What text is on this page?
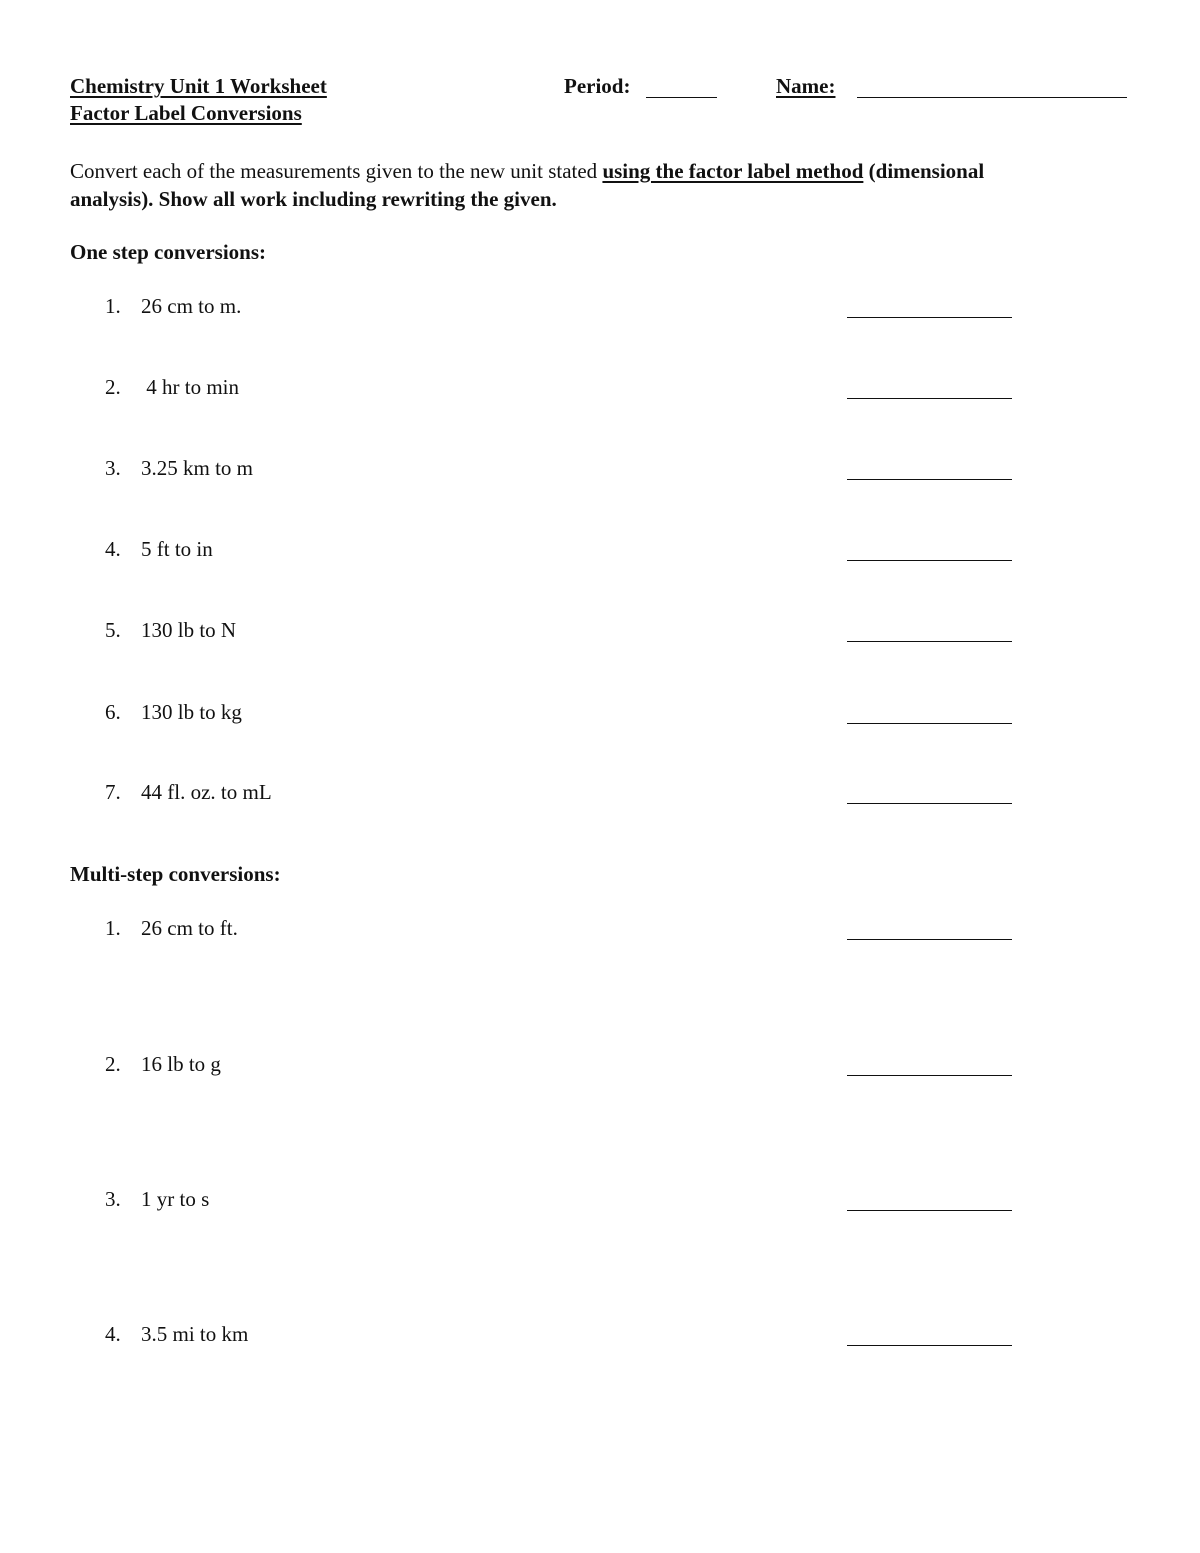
Chemistry Unit 1 Worksheet
Factor Label Conversions
Period:	Name:
Convert each of the measurements given to the new unit stated using the factor label method (dimensional
analysis). Show all work including rewriting the given.
One step conversions:
1. 26 cm to m.
2. 4 hr to min
3. 3.25 km to m
4. 5 ft to in
5. 130 lb to N
6. 130 lb to kg
7. 44 fl. oz. to mL
Multi-step conversions:
1. 26 cm to ft.
2. 16 lb to g
3. 1 yr to s
4. 3.5 mi to km
